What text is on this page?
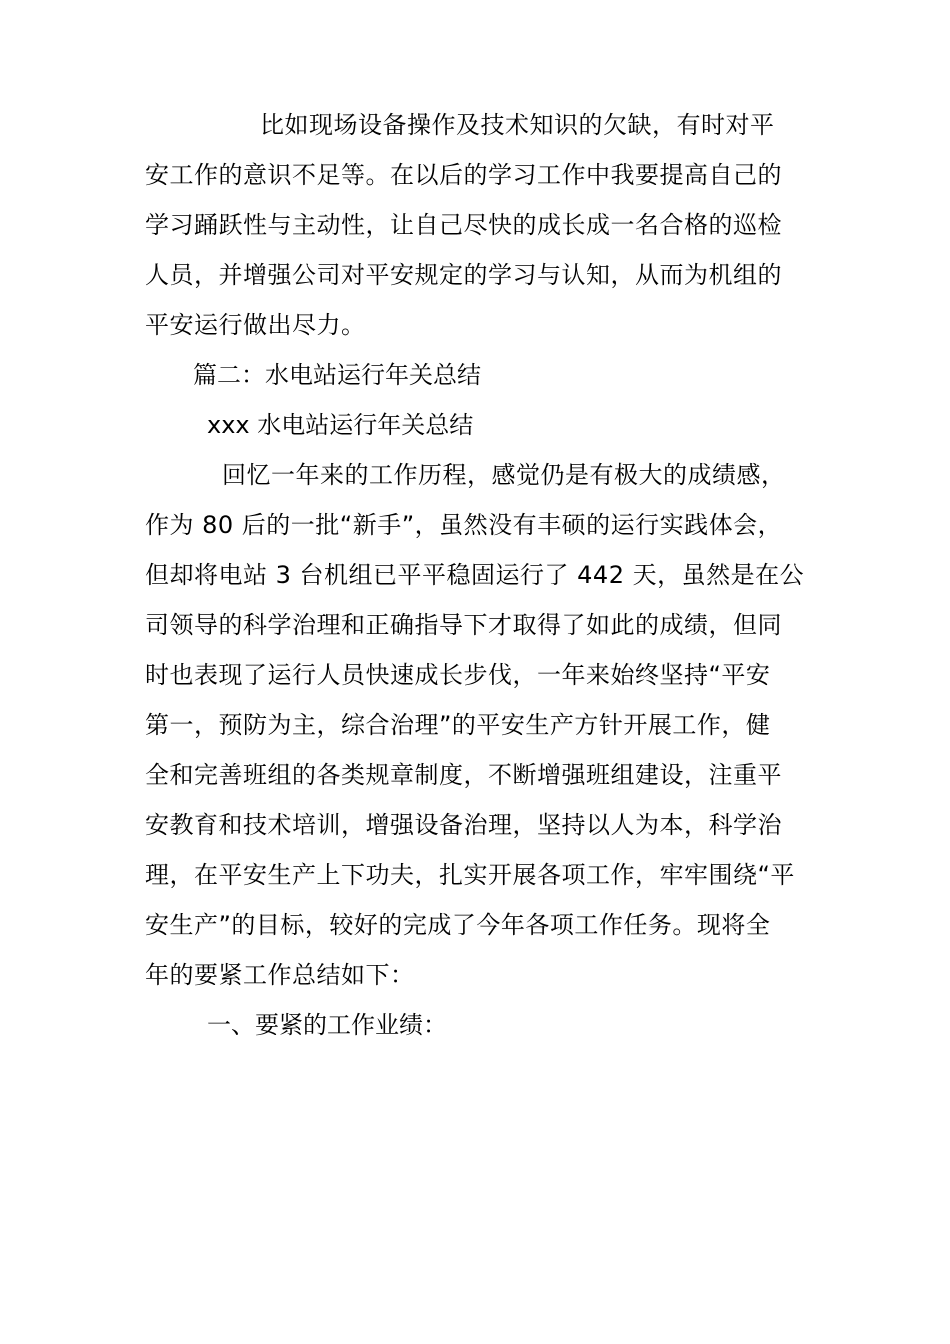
比如现场设备操作及技术知识的欠缺，有时对平
安工作的意识不足等。在以后的学习工作中我要提高自己的
学习踊跃性与主动性，让自己尽快的成长成一名合格的巡检
人员，并增强公司对平安规定的学习与认知，从而为机组的
平安运行做出尽力。
篇二：水电站运行年关总结
xxx 水电站运行年关总结
回忆一年来的工作历程，感觉仍是有极大的成绩感，
作为 80 后的一批“新手”，虽然没有丰硕的运行实践体会，
但却将电站 3 台机组已平平稳固运行了 442 天，虽然是在公
司领导的科学治理和正确指导下才取得了如此的成绩，但同
时也表现了运行人员快速成长步伐，一年来始终坚持“平安
第一，预防为主，综合治理”的平安生产方针开展工作，健
全和完善班组的各类规章制度，不断增强班组建设，注重平
安教育和技术培训，增强设备治理，坚持以人为本，科学治
理，在平安生产上下功夫，扎实开展各项工作，牢牢围绕“平
安生产”的目标，较好的完成了今年各项工作任务。现将全
年的要紧工作总结如下：
一、要紧的工作业绩：
